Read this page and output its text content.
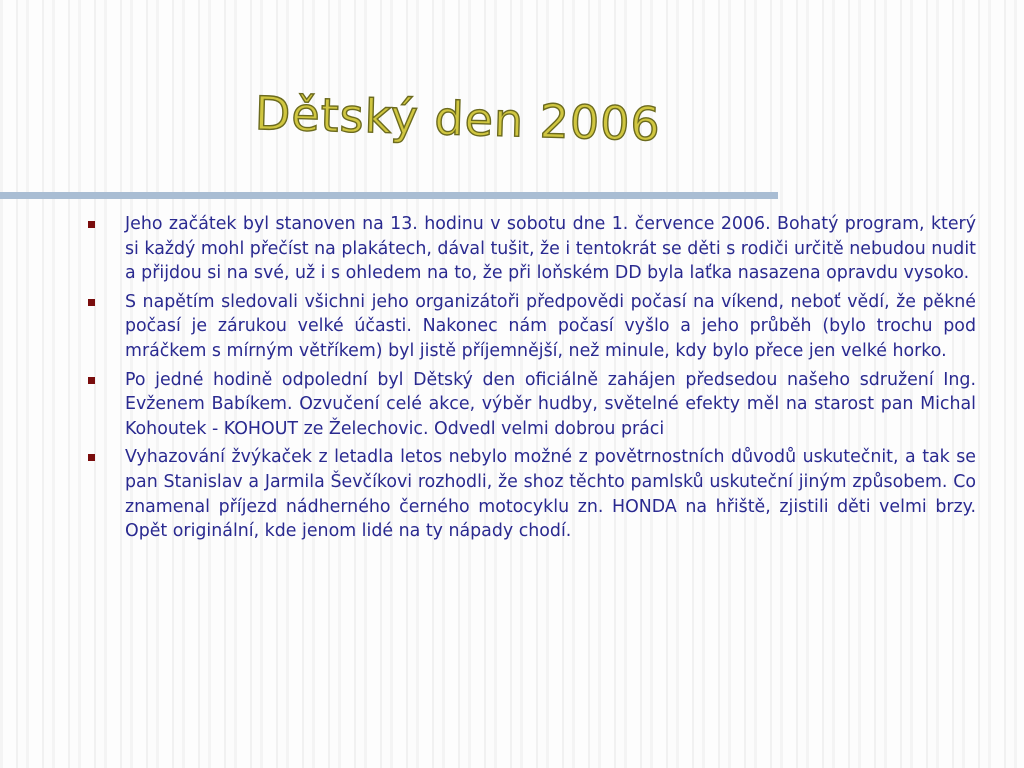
Dětský den 2006
Jeho začátek byl stanoven na 13. hodinu v sobotu dne 1. července 2006. Bohatý program, který si každý mohl přečíst na plakátech, dával tušit, že i tentokrát se děti s rodiči určitě nebudou nudit a přijdou si na své, už i s ohledem na to, že při loňském DD byla laťka nasazena opravdu vysoko.
S napětím sledovali všichni jeho organizátoři předpovědi počasí na víkend, neboť vědí, že pěkné počasí je zárukou velké účasti. Nakonec nám počasí vyšlo a jeho průběh (bylo trochu pod mráčkem s mírným větříkem) byl jistě příjemnější, než minule, kdy bylo přece jen velké horko.
Po jedné hodině odpolední byl Dětský den oficiálně zahájen předsedou našeho sdružení Ing. Evženem Babíkem. Ozvučení celé akce, výběr hudby, světelné efekty měl na starost pan Michal Kohoutek - KOHOUT ze Želechovic. Odvedl velmi dobrou práci
Vyhazování žvýkaček z letadla letos nebylo možné z povětrnostních důvodů uskutečnit, a tak se pan Stanislav a Jarmila Ševčíkovi rozhodli, že shoz těchto pamlsků uskuteční jiným způsobem. Co znamenal příjezd nádherného černého motocyklu zn. HONDA na hřiště, zjistili děti velmi brzy. Opět originální, kde jenom lidé na ty nápady chodí.
